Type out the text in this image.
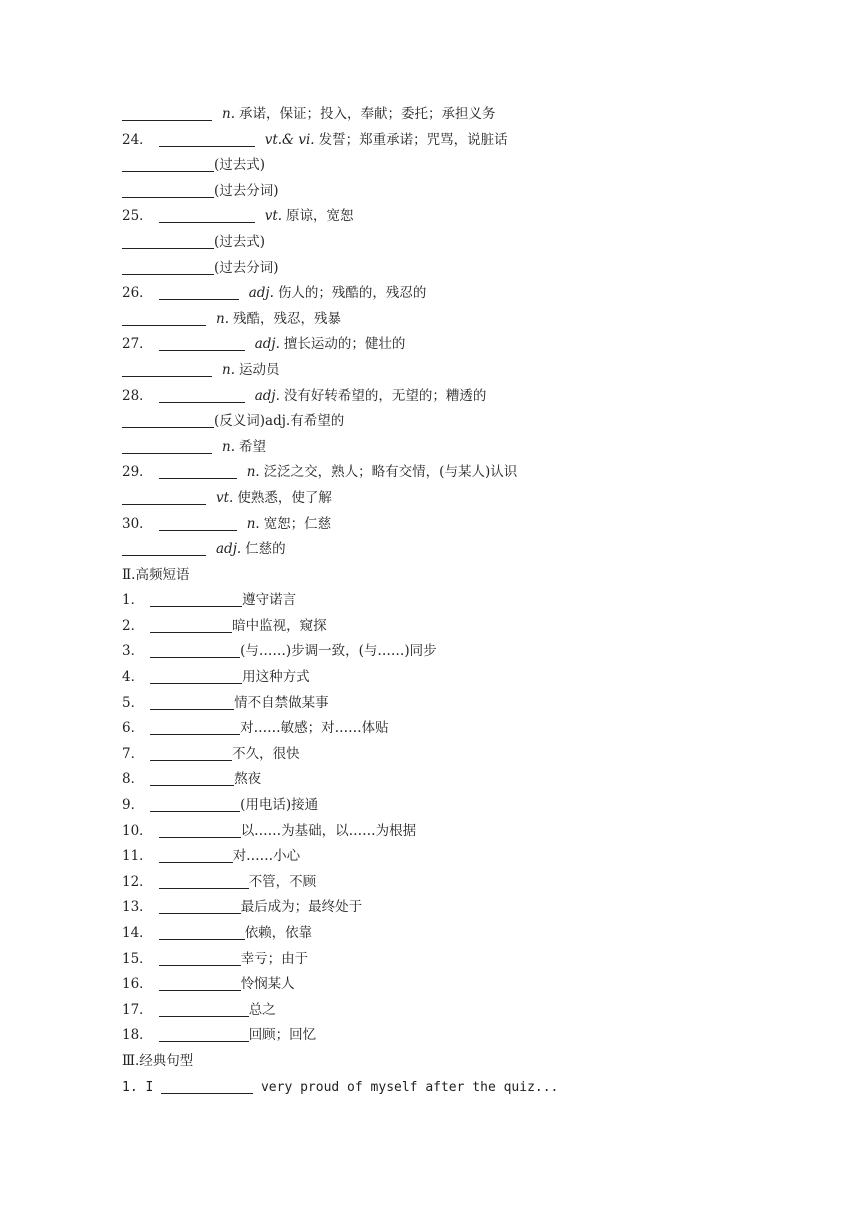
n. 承诺，保证；投入，奉献；委托；承担义务
24．	vt.& vi. 发誓；郑重承诺；咒骂，说脏话
(过去式)
(过去分词)
25．	vt. 原谅，宽恕
(过去式)
(过去分词)
26．	adj. 伤人的；残酷的，残忍的
n. 残酷，残忍，残暴
27．	adj. 擅长运动的；健壮的
n. 运动员
28．	adj. 没有好转希望的，无望的；糟透的
(反义词)adj.有希望的
n. 希望
29．	n. 泛泛之交，熟人；略有交情，(与某人)认识
vt. 使熟悉，使了解
30．	n. 宽恕；仁慈
adj. 仁慈的
Ⅱ.高频短语
1．	遵守诺言
2．	暗中监视，窥探
3．	(与……)步调一致，(与……)同步
4．	用这种方式
5．	情不自禁做某事
6．	对……敏感；对……体贴
7．	不久，很快
8．	熬夜
9．	(用电话)接通
10．	以……为基础，以……为根据
11．	对……小心
12．	不管，不顾
13．	最后成为；最终处于
14．	依赖，依靠
15．	幸亏；由于
16．	怜悯某人
17．	总之
18．	回顾；回忆
Ⅲ.经典句型
1. I	very proud of myself after the quiz...
